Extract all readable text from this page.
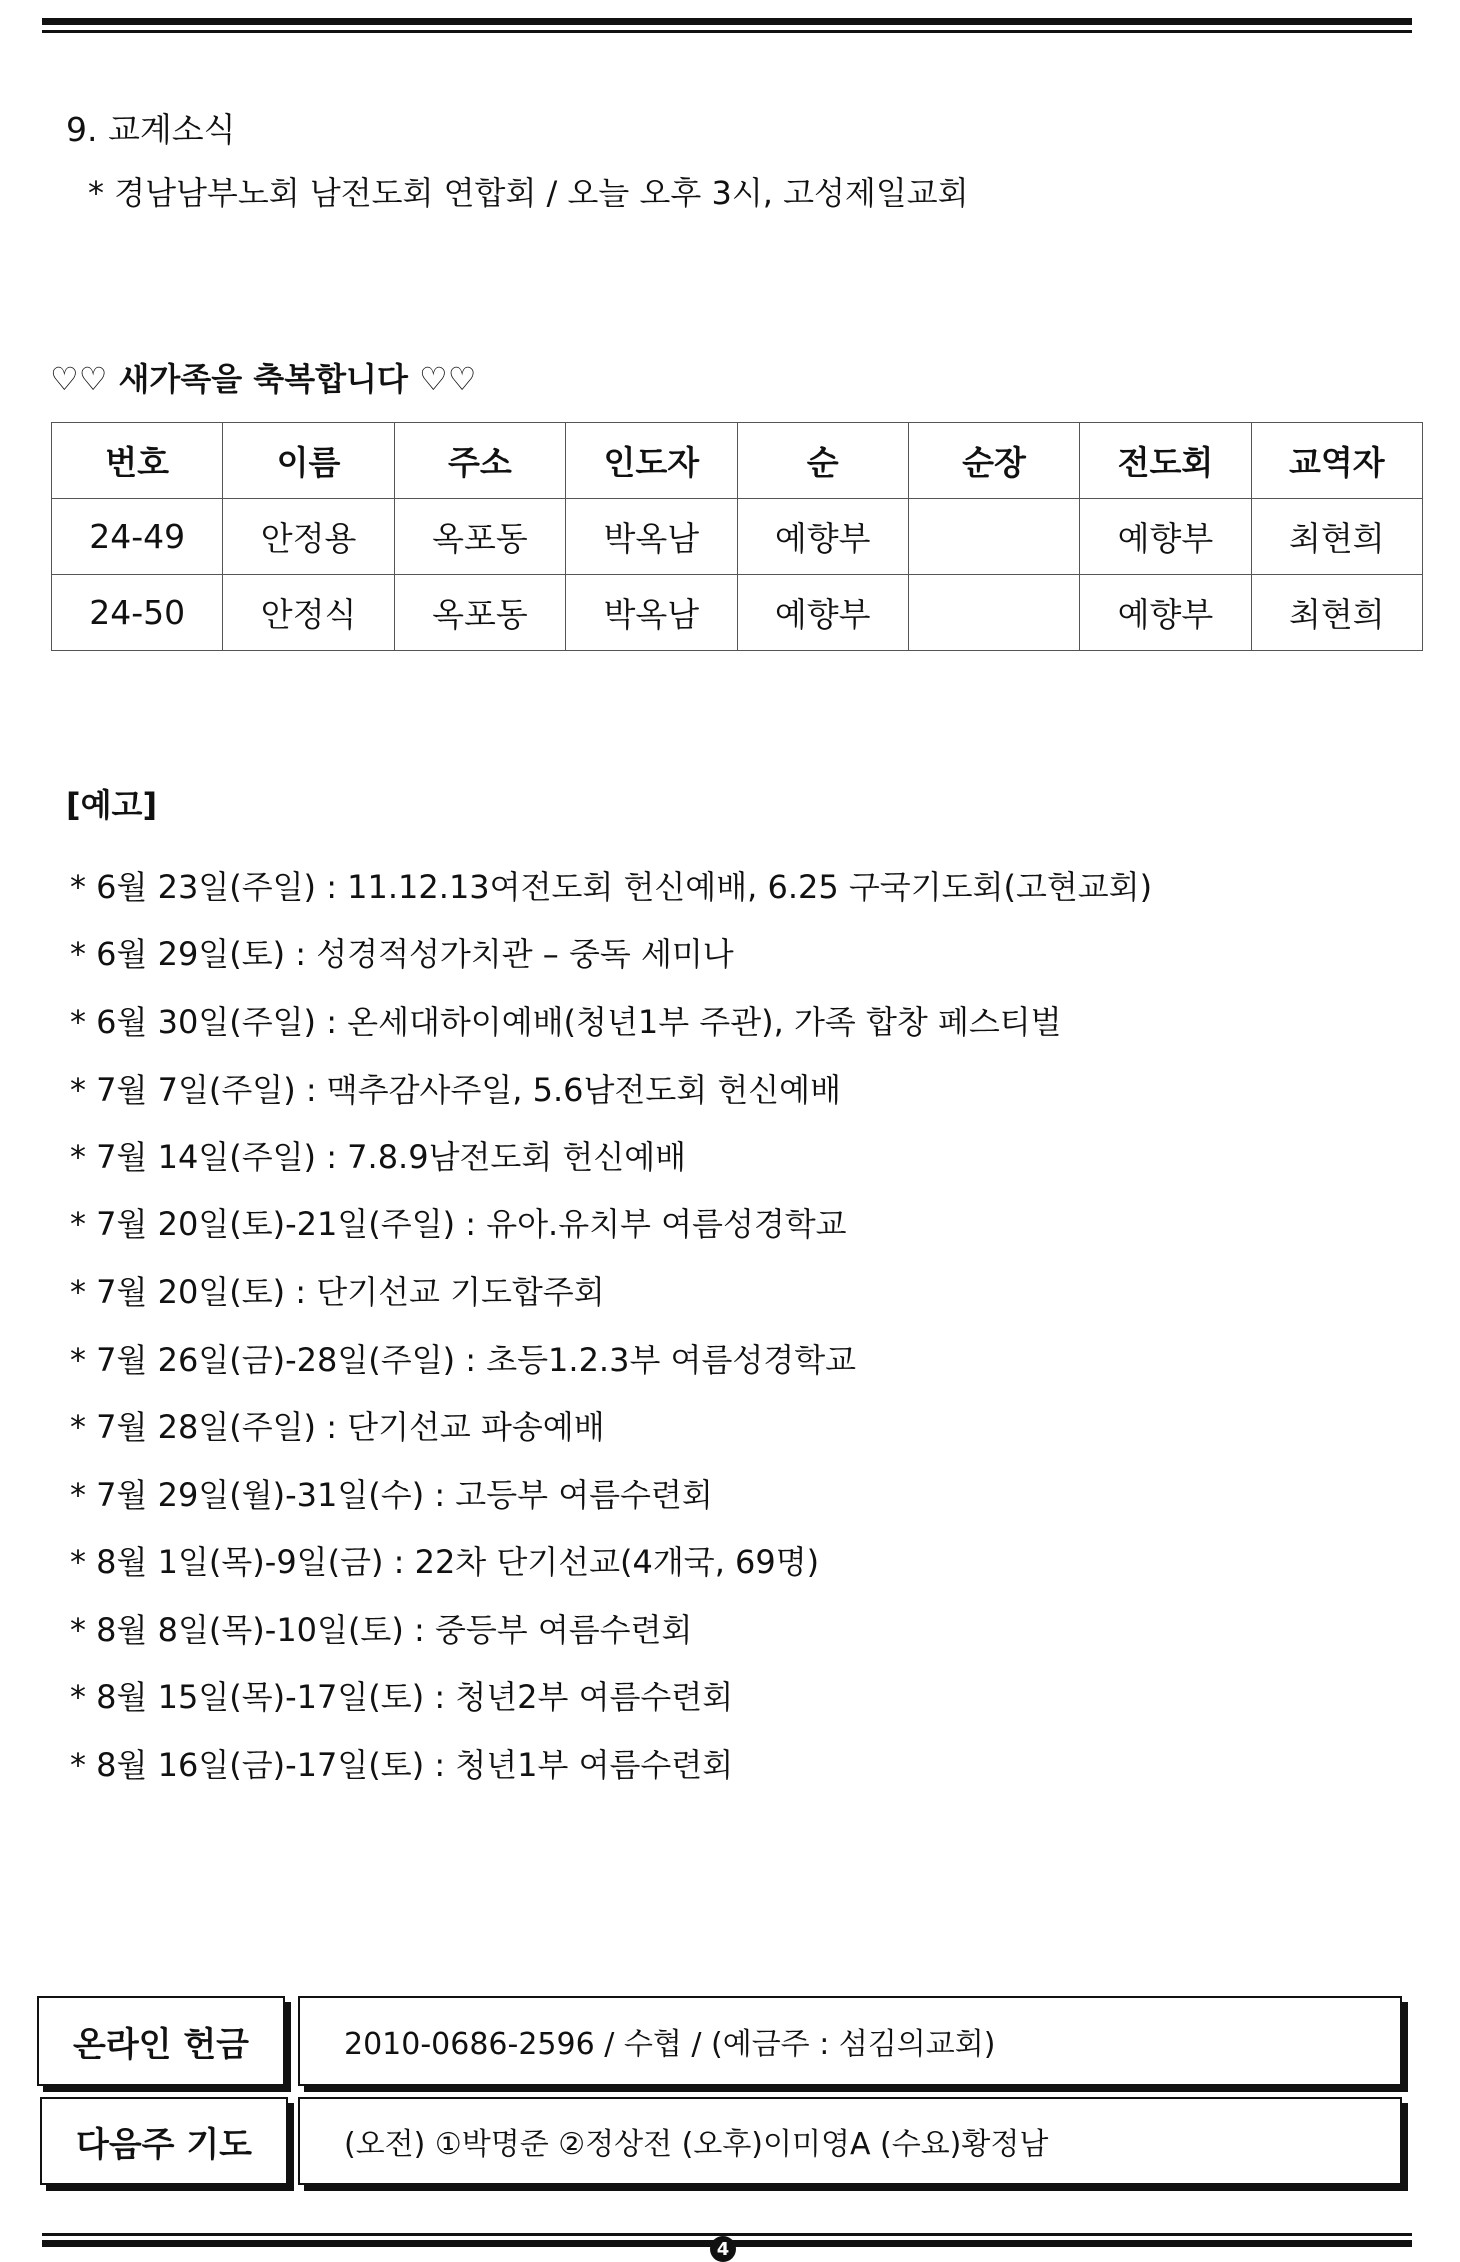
9. 교계소식
* 경남남부노회 남전도회 연합회 / 오늘 오후 3시, 고성제일교회
♡♡ 새가족을 축복합니다 ♡♡
번호	이름	주소	인도자	순	순장	전도회	교역자
24-49	안정용	옥포동	박옥남	예향부		예향부	최현희
24-50	안정식	옥포동	박옥남	예향부		예향부	최현희
[예고]
* 6월 23일(주일) : 11.12.13여전도회 헌신예배, 6.25 구국기도회(고현교회)
* 6월 29일(토) : 성경적성가치관 – 중독 세미나
* 6월 30일(주일) : 온세대하이예배(청년1부 주관), 가족 합창 페스티벌
* 7월 7일(주일) : 맥추감사주일, 5.6남전도회 헌신예배
* 7월 14일(주일) : 7.8.9남전도회 헌신예배
* 7월 20일(토)-21일(주일) : 유아.유치부 여름성경학교
* 7월 20일(토) : 단기선교 기도합주회
* 7월 26일(금)-28일(주일) : 초등1.2.3부 여름성경학교
* 7월 28일(주일) : 단기선교 파송예배
* 7월 29일(월)-31일(수) : 고등부 여름수련회
* 8월 1일(목)-9일(금) : 22차 단기선교(4개국, 69명)
* 8월 8일(목)-10일(토) : 중등부 여름수련회
* 8월 15일(목)-17일(토) : 청년2부 여름수련회
* 8월 16일(금)-17일(토) : 청년1부 여름수련회
온라인 헌금	2010-0686-2596 / 수협 / (예금주 : 섬김의교회)
다음주 기도	(오전) ①박명준 ②정상전 (오후)이미영A (수요)황정남
4
